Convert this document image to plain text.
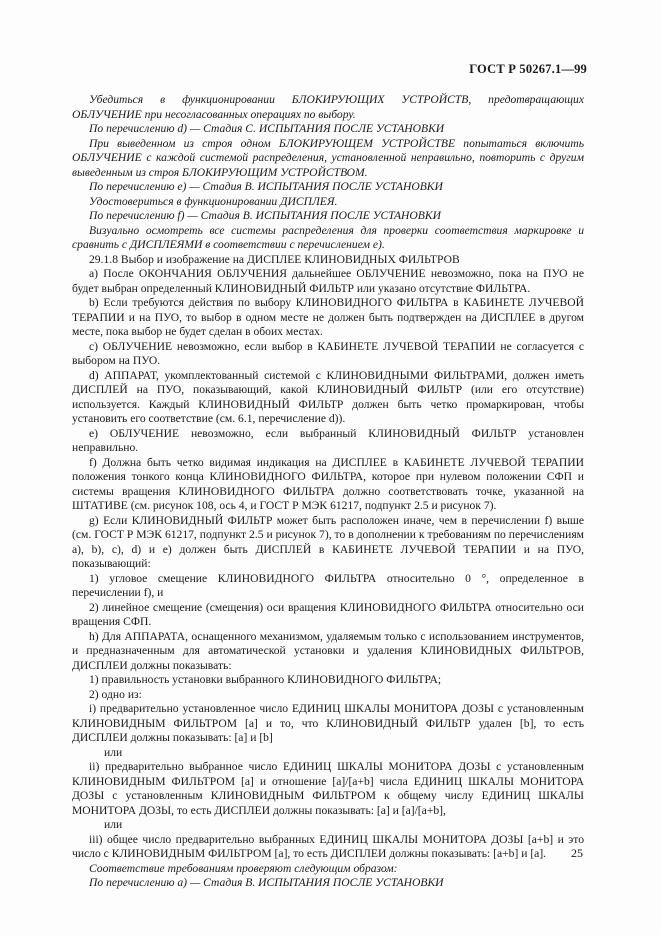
ГОСТ Р 50267.1—99

Убедиться в функционировании БЛОКИРУЮЩИХ УСТРОЙСТВ, предотвращающих ОБЛУЧЕНИЕ при несогласованных операциях по выбору.

По перечислению d) — Стадия С. ИСПЫТАНИЯ ПОСЛЕ УСТАНОВКИ

При выведенном из строя одном БЛОКИРУЮЩЕМ УСТРОЙСТВЕ попытаться включить ОБЛУЧЕНИЕ с каждой системой распределения, установленной неправильно, повторить с другим выведенным из строя БЛОКИРУЮЩИМ УСТРОЙСТВОМ.

По перечислению е) — Стадия В. ИСПЫТАНИЯ ПОСЛЕ УСТАНОВКИ

Удостовериться в функционировании ДИСПЛЕЯ.

По перечислению f) — Стадия В. ИСПЫТАНИЯ ПОСЛЕ УСТАНОВКИ

Визуально осмотреть все системы распределения для проверки соответствия маркировке и сравнить с ДИСПЛЕЯМИ в соответствии с перечислением е).

29.1.8 Выбор и изображение на ДИСПЛЕЕ КЛИНОВИДНЫХ ФИЛЬТРОВ

а) После ОКОНЧАНИЯ ОБЛУЧЕНИЯ дальнейшее ОБЛУЧЕНИЕ невозможно, пока на ПУО не будет выбран определенный КЛИНОВИДНЫЙ ФИЛЬТР или указано отсутствие ФИЛЬТРА.

b) Если требуются действия по выбору КЛИНОВИДНОГО ФИЛЬТРА в КАБИНЕТЕ ЛУЧЕВОЙ ТЕРАПИИ и на ПУО, то выбор в одном месте не должен быть подтвержден на ДИСПЛЕЕ в другом месте, пока выбор не будет сделан в обоих местах.

с) ОБЛУЧЕНИЕ невозможно, если выбор в КАБИНЕТЕ ЛУЧЕВОЙ ТЕРАПИИ не согласуется с выбором на ПУО.

d) АППАРАТ, укомплектованный системой с КЛИНОВИДНЫМИ ФИЛЬТРАМИ, должен иметь ДИСПЛЕЙ на ПУО, показывающий, какой КЛИНОВИДНЫЙ ФИЛЬТР (или его отсутствие) используется. Каждый КЛИНОВИДНЫЙ ФИЛЬТР должен быть четко промаркирован, чтобы установить его соответствие (см. 6.1, перечисление d)).

е) ОБЛУЧЕНИЕ невозможно, если выбранный КЛИНОВИДНЫЙ ФИЛЬТР установлен неправильно.

f) Должна быть четко видимая индикация на ДИСПЛЕЕ в КАБИНЕТЕ ЛУЧЕВОЙ ТЕРАПИИ положения тонкого конца КЛИНОВИДНОГО ФИЛЬТРА, которое при нулевом положении СФП и системы вращения КЛИНОВИДНОГО ФИЛЬТРА должно соответствовать точке, указанной на ШТАТИВЕ (см. рисунок 108, ось 4, и ГОСТ Р МЭК 61217, подпункт 2.5 и рисунок 7).

g) Если КЛИНОВИДНЫЙ ФИЛЬТР может быть расположен иначе, чем в перечислении f) выше (см. ГОСТ Р МЭК 61217, подпункт 2.5 и рисунок 7), то в дополнении к требованиям по перечислениям а), b), с), d) и е) должен быть ДИСПЛЕЙ в КАБИНЕТЕ ЛУЧЕВОЙ ТЕРАПИИ и на ПУО, показывающий:

1) угловое смещение КЛИНОВИДНОГО ФИЛЬТРА относительно 0 °, определенное в перечислении f), и

2) линейное смещение (смещения) оси вращения КЛИНОВИДНОГО ФИЛЬТРА относительно оси вращения СФП.

h) Для АППАРАТА, оснащенного механизмом, удаляемым только с использованием инструментов, и предназначенным для автоматической установки и удаления КЛИНОВИДНЫХ ФИЛЬТРОВ, ДИСПЛЕИ должны показывать:

1) правильность установки выбранного КЛИНОВИДНОГО ФИЛЬТРА;

2) одно из:

i) предварительно установленное число ЕДИНИЦ ШКАЛЫ МОНИТОРА ДОЗЫ с установленным КЛИНОВИДНЫМ ФИЛЬТРОМ [а] и то, что КЛИНОВИДНЫЙ ФИЛЬТР удален [b], то есть ДИСПЛЕИ должны показывать: [а] и [b]

или

ii) предварительно выбранное число ЕДИНИЦ ШКАЛЫ МОНИТОРА ДОЗЫ с установленным КЛИНОВИДНЫМ ФИЛЬТРОМ [а] и отношение [а]/[а+b] числа ЕДИНИЦ ШКАЛЫ МОНИТОРА ДОЗЫ с установленным КЛИНОВИДНЫМ ФИЛЬТРОМ к общему числу ЕДИНИЦ ШКАЛЫ МОНИТОРА ДОЗЫ, то есть ДИСПЛЕИ должны показывать: [а] и [а]/[а+b],

или

iii) общее число предварительно выбранных ЕДИНИЦ ШКАЛЫ МОНИТОРА ДОЗЫ [а+b] и это число с КЛИНОВИДНЫМ ФИЛЬТРОМ [а], то есть ДИСПЛЕИ должны показывать: [а+b] и [а].

Соответствие требованиям проверяют следующим образом:

По перечислению а) — Стадия В. ИСПЫТАНИЯ ПОСЛЕ УСТАНОВКИ

25
